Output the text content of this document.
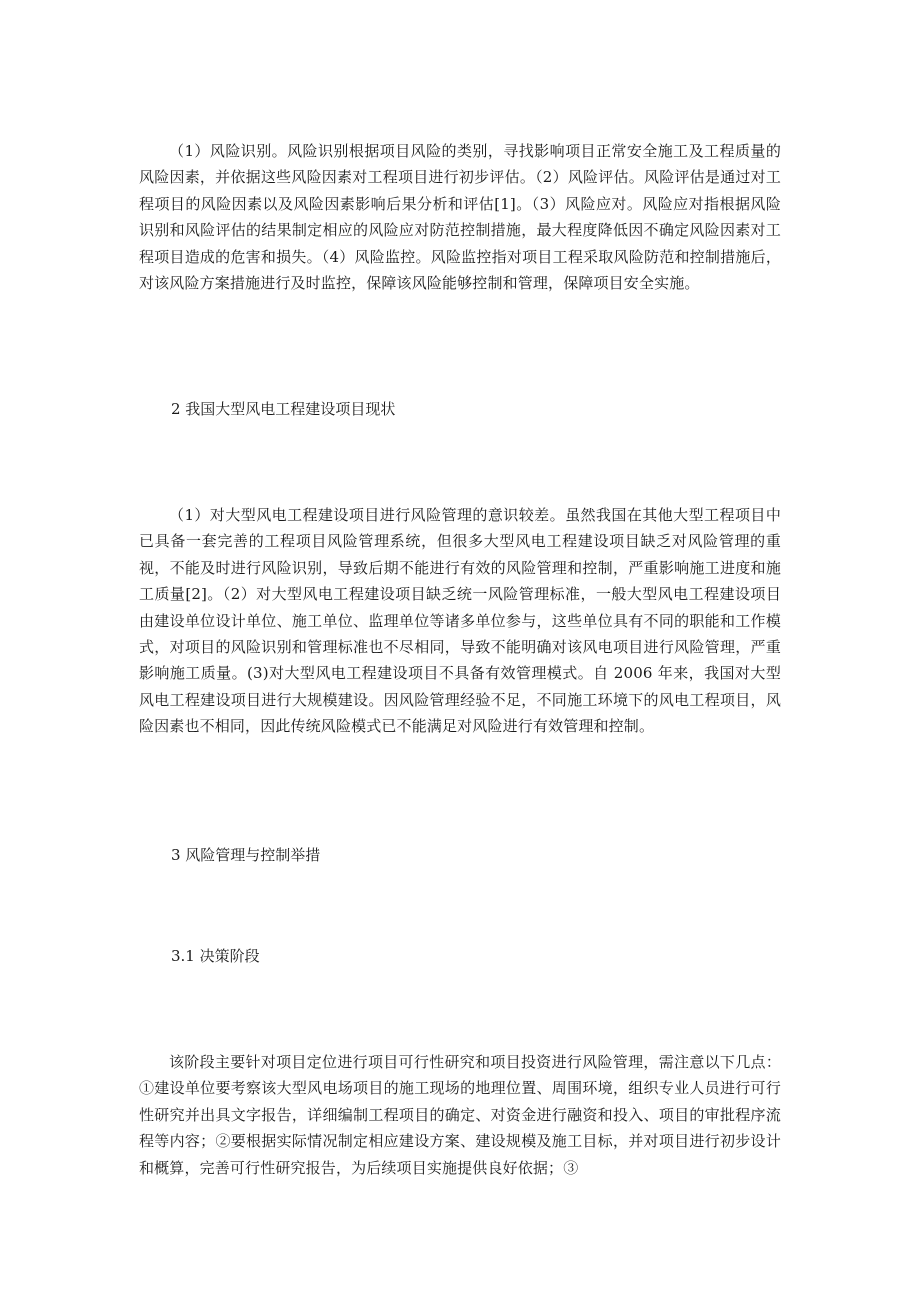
（1）风险识别。风险识别根据项目风险的类别，寻找影响项目正常安全施工及工程质量的风险因素，并依据这些风险因素对工程项目进行初步评估。（2）风险评估。风险评估是通过对工程项目的风险因素以及风险因素影响后果分析和评估[1]。（3）风险应对。风险应对指根据风险识别和风险评估的结果制定相应的风险应对防范控制措施，最大程度降低因不确定风险因素对工程项目造成的危害和损失。（4）风险监控。风险监控指对项目工程采取风险防范和控制措施后，对该风险方案措施进行及时监控，保障该风险能够控制和管理，保障项目安全实施。

2 我国大型风电工程建设项目现状

（1）对大型风电工程建设项目进行风险管理的意识较差。虽然我国在其他大型工程项目中已具备一套完善的工程项目风险管理系统，但很多大型风电工程建设项目缺乏对风险管理的重视，不能及时进行风险识别，导致后期不能进行有效的风险管理和控制，严重影响施工进度和施工质量[2]。（2）对大型风电工程建设项目缺乏统一风险管理标准，一般大型风电工程建设项目由建设单位设计单位、施工单位、监理单位等诸多单位参与，这些单位具有不同的职能和工作模式，对项目的风险识别和管理标准也不尽相同，导致不能明确对该风电项目进行风险管理，严重影响施工质量。(3)对大型风电工程建设项目不具备有效管理模式。自 2006 年来，我国对大型风电工程建设项目进行大规模建设。因风险管理经验不足，不同施工环境下的风电工程项目，风险因素也不相同，因此传统风险模式已不能满足对风险进行有效管理和控制。

3 风险管理与控制举措
3.1 决策阶段

该阶段主要针对项目定位进行项目可行性研究和项目投资进行风险管理，需注意以下几点：①建设单位要考察该大型风电场项目的施工现场的地理位置、周围环境，组织专业人员进行可行性研究并出具文字报告，详细编制工程项目的确定、对资金进行融资和投入、项目的审批程序流程等内容；②要根据实际情况制定相应建设方案、建设规模及施工目标，并对项目进行初步设计和概算，完善可行性研究报告，为后续项目实施提供良好依据；③
